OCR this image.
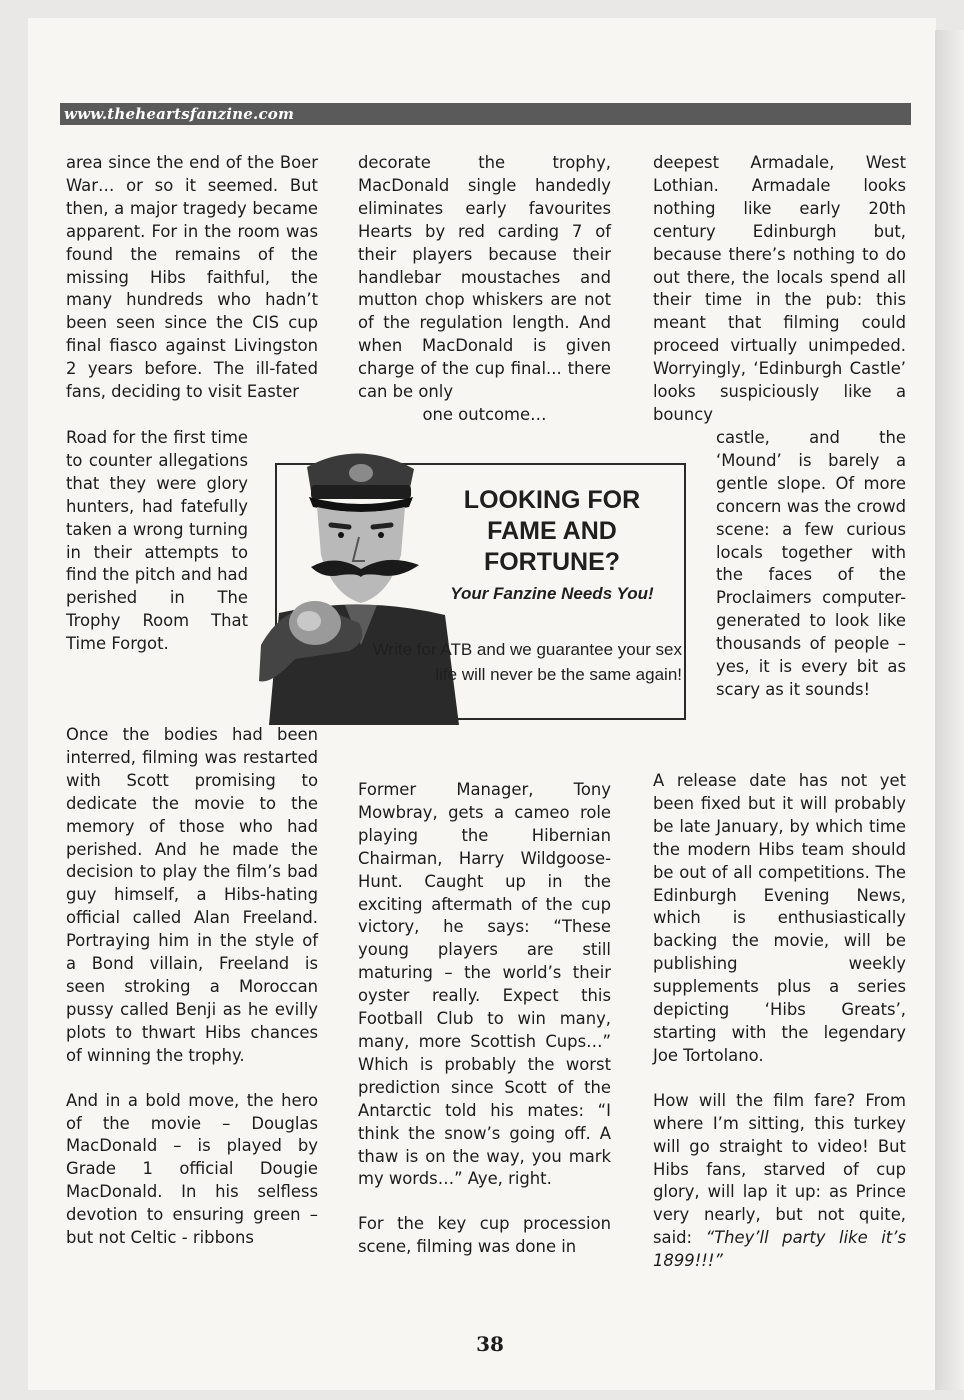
www.theheartsfanzine.com

area since the end of the Boer War… or so it seemed. But then, a major tragedy became apparent. For in the room was found the remains of the missing Hibs faithful, the many hundreds who hadn’t been seen since the CIS cup final fiasco against Livingston 2 years before. The ill-fated fans, deciding to visit Easter

Road for the first time to counter allegations that they were glory hunters, had fatefully taken a wrong turning in their attempts to find the pitch and had perished in The Trophy Room That Time Forgot.

Once the bodies had been interred, filming was restarted with Scott promising to dedicate the movie to the memory of those who had perished. And he made the decision to play the film’s bad guy himself, a Hibs-hating official called Alan Freeland. Portraying him in the style of a Bond villain, Freeland is seen stroking a Moroccan pussy called Benji as he evilly plots to thwart Hibs chances of winning the trophy.

And in a bold move, the hero of the movie – Douglas MacDonald – is played by Grade 1 official Dougie MacDonald. In his selfless devotion to ensuring green – but not Celtic - ribbons

decorate the trophy, MacDonald single handedly eliminates early favourites Hearts by red carding 7 of their players because their handlebar moustaches and mutton chop whiskers are not of the regulation length. And when MacDonald is given charge of the cup final... there can be only

one outcome…

Former Manager, Tony Mowbray, gets a cameo role playing the Hibernian Chairman, Harry Wildgoose-Hunt. Caught up in the exciting aftermath of the cup victory, he says: “These young players are still maturing – the world’s their oyster really. Expect this Football Club to win many, many, more Scottish Cups…” Which is probably the worst prediction since Scott of the Antarctic told his mates: “I think the snow’s going off. A thaw is on the way, you mark my words…” Aye, right.

For the key cup procession scene, filming was done in

deepest Armadale, West Lothian. Armadale looks nothing like early 20th century Edinburgh but, because there’s nothing to do out there, the locals spend all their time in the pub: this meant that filming could proceed virtually unimpeded. Worryingly, ‘Edinburgh Castle’ looks suspiciously like a bouncy

castle, and the ‘Mound’ is barely a gentle slope. Of more concern was the crowd scene: a few curious locals together with the faces of the Proclaimers computer-generated to look like thousands of people – yes, it is every bit as scary as it sounds!

A release date has not yet been fixed but it will probably be late January, by which time the modern Hibs team should be out of all competitions. The Edinburgh Evening News, which is enthusiastically backing the movie, will be publishing weekly supplements plus a series depicting ‘Hibs Greats’, starting with the legendary Joe Tortolano.

How will the film fare? From where I’m sitting, this turkey will go straight to video! But Hibs fans, starved of cup glory, will lap it up: as Prince very nearly, but not quite, said: “They’ll party like it’s 1899!!!”

LOOKING FOR FAME AND FORTUNE?
Your Fanzine Needs You!
Write for ATB and we guarantee your sex life will never be the same again!
38
